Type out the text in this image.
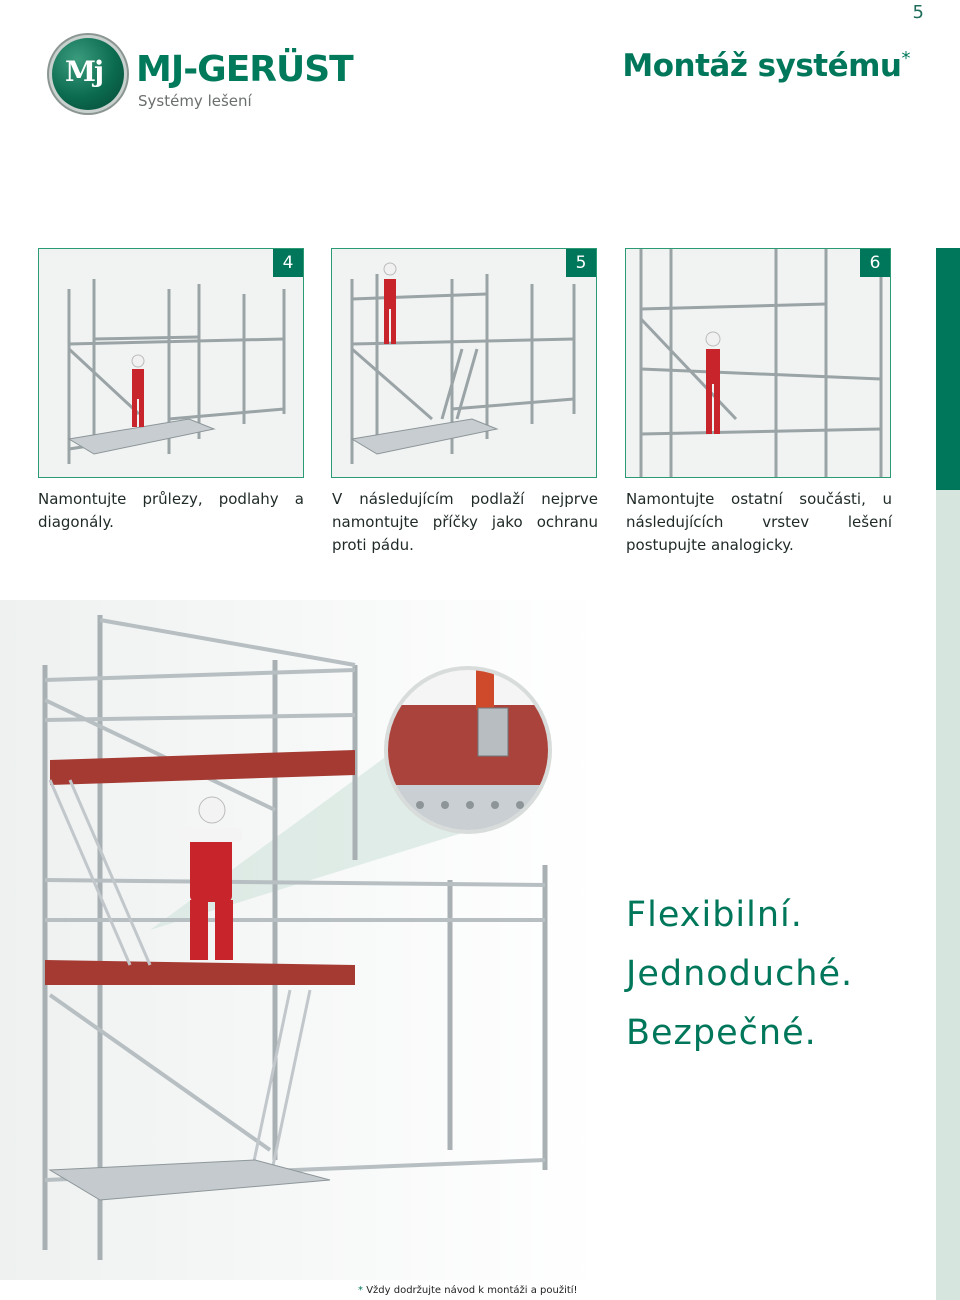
5
Mj MJ-GERÜST
Systémy lešení
Montáž systému*
4
Namontujte průlezy, podlahy a diagonály.
5
V následujícím podlaží nejprve namontujte příčky jako ochranu proti pádu.
6
Namontujte ostatní součásti, u následujících vrstev lešení postupujte analogicky.
Flexibilní.
Jednoduché.
Bezpečné.
* Vždy dodržujte návod k montáži a použití!
